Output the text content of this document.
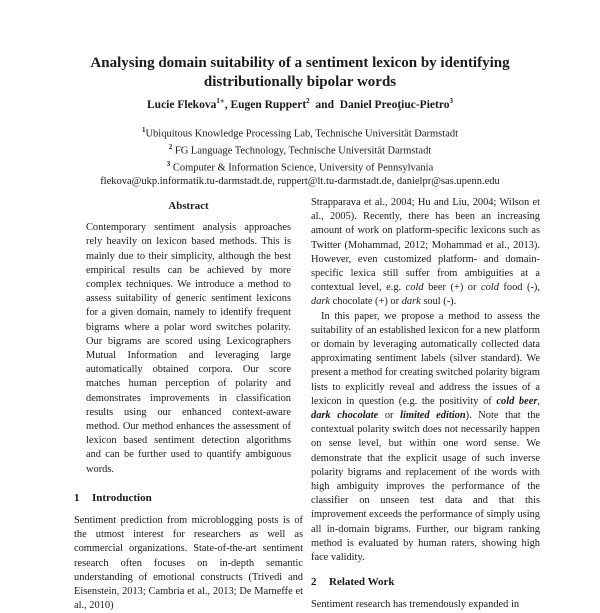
Analysing domain suitability of a sentiment lexicon by identifying distributionally bipolar words
Lucie Flekova$^{1∗}$, Eugen Ruppert$^2$ and Daniel Preoţiuc-Pietro$^3$
$^1$Ubiquitous Knowledge Processing Lab, Technische Universität Darmstadt
$^2$ FG Language Technology, Technische Universität Darmstadt
$^3$ Computer & Information Science, University of Pennsylvania
flekova@ukp.informatik.tu-darmstadt.de, ruppert@lt.tu-darmstadt.de, danielpr@sas.upenn.edu
Abstract

Contemporary sentiment analysis approaches rely heavily on lexicon based methods. This is mainly due to their simplicity, although the best empirical results can be achieved by more complex techniques. We introduce a method to assess suitability of generic sentiment lexicons for a given domain, namely to identify frequent bigrams where a polar word switches polarity. Our bigrams are scored using Lexicographers Mutual Information and leveraging large automatically obtained corpora. Our score matches human perception of polarity and demonstrates improvements in classification results using our enhanced context-aware method. Our method enhances the assessment of lexicon based sentiment detection algorithms and can be further used to quantify ambiguous words.

1 Introduction

Sentiment prediction from microblogging posts is of the utmost interest for researchers as well as commercial organizations. State-of-the-art sentiment research often focuses on in-depth semantic understanding of emotional constructs (Trivedi and Eisenstein, 2013; Cambria et al., 2013; De Marneffe et al., 2010)

Strapparava et al., 2004; Hu and Liu, 2004; Wilson et al., 2005). Recently, there has been an increasing amount of work on platform-specific lexicons such as Twitter (Mohammad, 2012; Mohammad et al., 2013). However, even customized platform- and domain-specific lexica still suffer from ambiguities at a contextual level, e.g. cold beer (+) or cold food (-), dark chocolate (+) or dark soul (-).

In this paper, we propose a method to assess the suitability of an established lexicon for a new platform or domain by leveraging automatically collected data approximating sentiment labels (silver standard). We present a method for creating switched polarity bigram lists to explicitly reveal and address the issues of a lexicon in question (e.g. the positivity of cold beer, dark chocolate or limited edition). Note that the contextual polarity switch does not necessarily happen on sense level, but within one word sense. We demonstrate that the explicit usage of such inverse polarity bigrams and replacement of the words with high ambiguity improves the performance of the classifier on unseen test data and that this improvement exceeds the performance of simply using all in-domain bigrams. Further, our bigram ranking method is evaluated by human raters, showing high face validity.

2 Related Work

Sentiment research has tremendously expanded in
